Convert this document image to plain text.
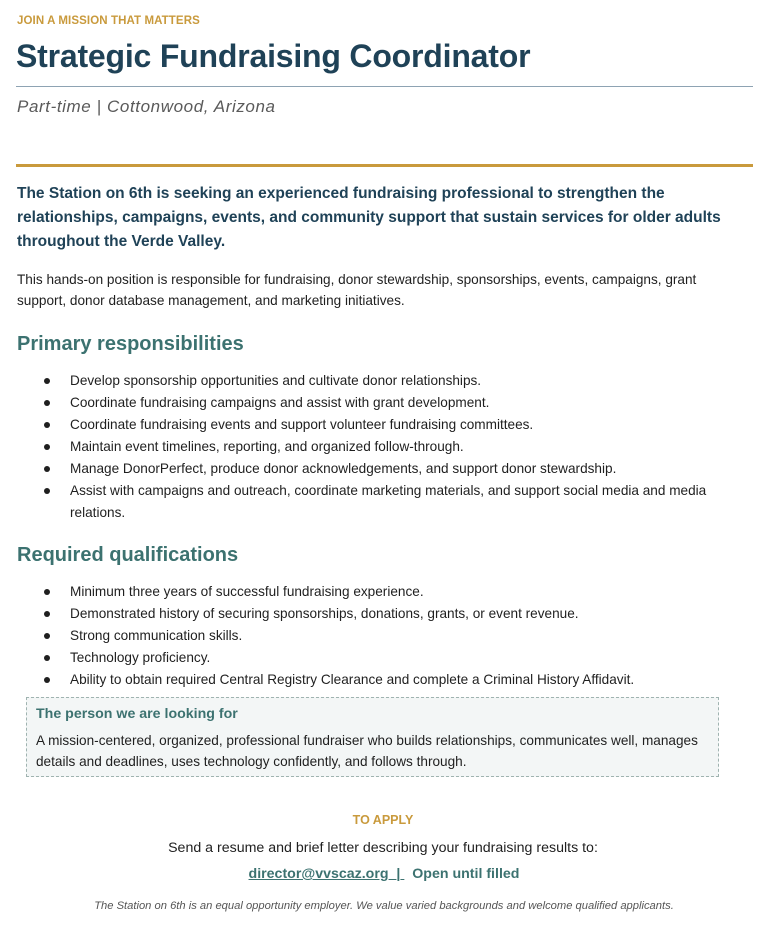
JOIN A MISSION THAT MATTERS
Strategic Fundraising Coordinator
Part-time | Cottonwood, Arizona

The Station on 6th is seeking an experienced fundraising professional to strengthen the relationships, campaigns, events, and community support that sustain services for older adults throughout the Verde Valley.

This hands-on position is responsible for fundraising, donor stewardship, sponsorships, events, campaigns, grant support, donor database management, and marketing initiatives.

Primary responsibilities
Develop sponsorship opportunities and cultivate donor relationships.
Coordinate fundraising campaigns and assist with grant development.
Coordinate fundraising events and support volunteer fundraising committees.
Maintain event timelines, reporting, and organized follow-through.
Manage DonorPerfect, produce donor acknowledgements, and support donor stewardship.
Assist with campaigns and outreach, coordinate marketing materials, and support social media and media relations.
Required qualifications
Minimum three years of successful fundraising experience.
Demonstrated history of securing sponsorships, donations, grants, or event revenue.
Strong communication skills.
Technology proficiency.
Ability to obtain required Central Registry Clearance and complete a Criminal History Affidavit.
The person we are looking for

A mission-centered, organized, professional fundraiser who builds relationships, communicates well, manages details and deadlines, uses technology confidently, and follows through.

TO APPLY
Send a resume and brief letter describing your fundraising results to:
director@vvscaz.org | Open until filled
The Station on 6th is an equal opportunity employer. We value varied backgrounds and welcome qualified applicants.
